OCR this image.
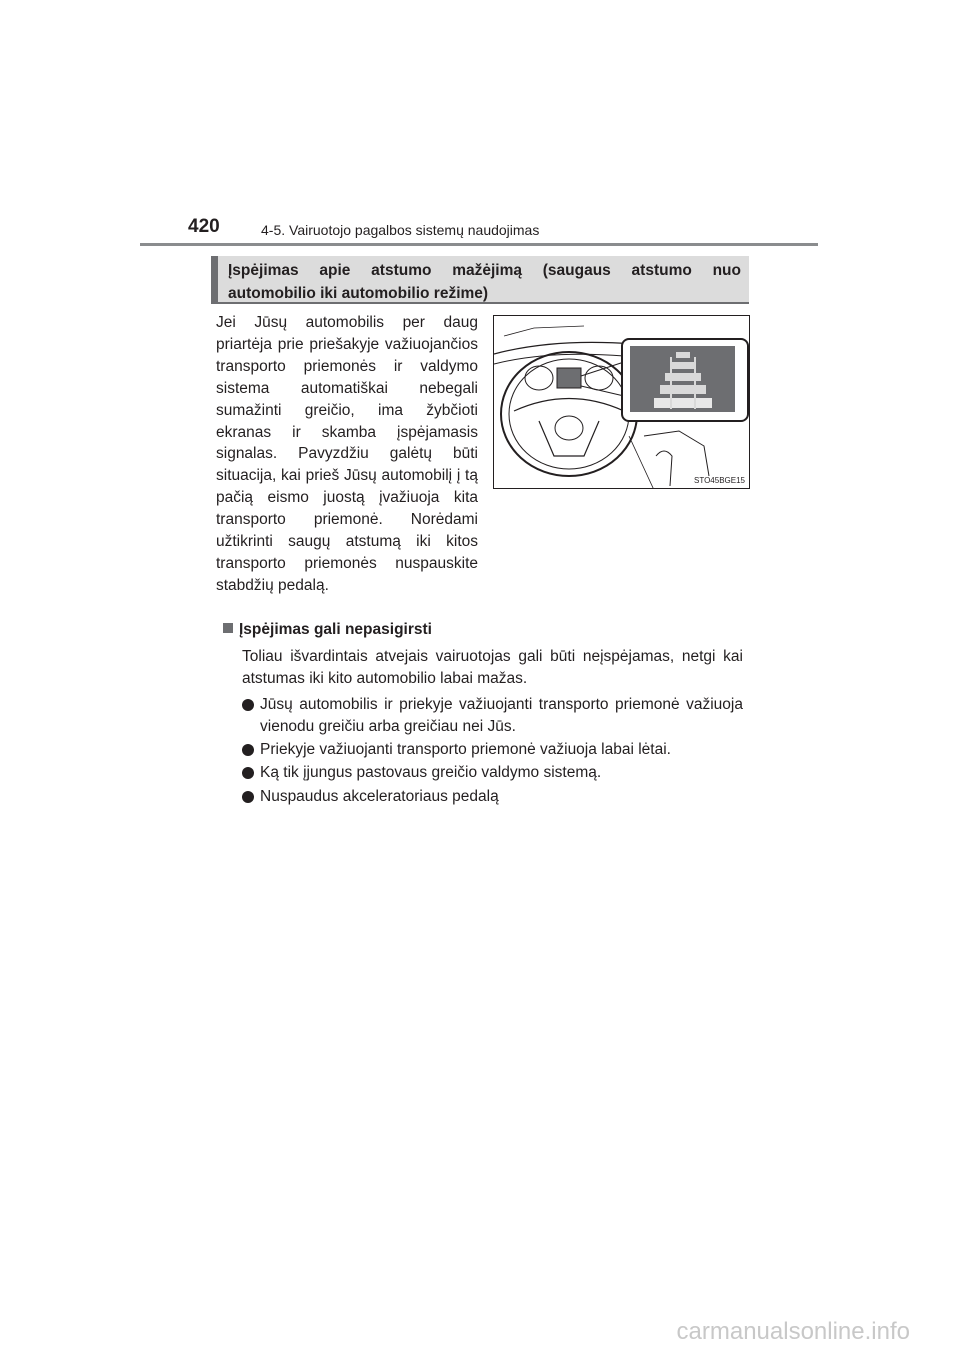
420	4-5. Vairuotojo pagalbos sistemų naudojimas
Įspėjimas apie atstumo mažėjimą (saugaus atstumo nuo
automobilio iki automobilio režime)

Jei Jūsų automobilis per daug priartėja prie priešakyje važiuojančios transporto priemonės ir valdymo sistema automatiškai nebegali sumažinti greičio, ima žybčioti ekranas ir skamba įspėjamasis signalas. Pavyzdžiu galėtų būti situacija, kai prieš Jūsų automobilį į tą pačią eismo juostą įvažiuoja kita transporto priemonė. Norėdami užtikrinti saugų atstumą iki kitos transporto priemonės nuspauskite stabdžių pedalą.

STO45BGE15
Įspėjimas gali nepasigirsti

Toliau išvardintais atvejais vairuotojas gali būti neįspėjamas, netgi kai atstumas iki kito automobilio labai mažas.

Jūsų automobilis ir priekyje važiuojanti transporto priemonė važiuoja vienodu greičiu arba greičiau nei Jūs.
Priekyje važiuojanti transporto priemonė važiuoja labai lėtai.
Ką tik įjungus pastovaus greičio valdymo sistemą.
Nuspaudus akceleratoriaus pedalą
carmanualsonline.info
